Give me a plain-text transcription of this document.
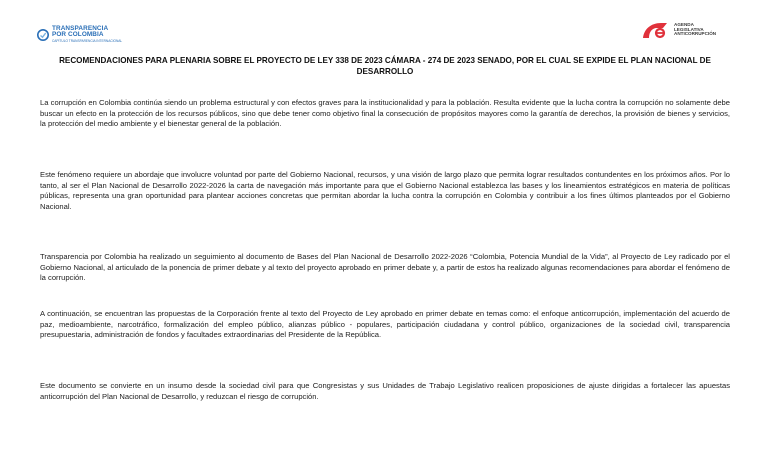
TRANSPARENCIA
POR COLOMBIA
CAPÍTULO TRANSPARENCIA INTERNACIONAL
AGENDA
LEGISLATIVA
ANTICORRUPCIÓN
RECOMENDACIONES PARA PLENARIA SOBRE EL PROYECTO DE LEY 338 DE 2023 CÁMARA - 274 DE 2023 SENADO, POR EL CUAL SE EXPIDE EL PLAN NACIONAL DE DESARROLLO

La corrupción en Colombia continúa siendo un problema estructural y con efectos graves para la institucionalidad y para la población. Resulta evidente que la lucha contra la corrupción no solamente debe buscar un efecto en la protección de los recursos públicos, sino que debe tener como objetivo final la consecución de propósitos mayores como la garantía de derechos, la provisión de bienes y servicios, la protección del medio ambiente y el bienestar general de la población.

Este fenómeno requiere un abordaje que involucre voluntad por parte del Gobierno Nacional, recursos, y una visión de largo plazo que permita lograr resultados contundentes en los próximos años. Por lo tanto, al ser el Plan Nacional de Desarrollo 2022-2026 la carta de navegación más importante para que el Gobierno Nacional establezca las bases y los lineamientos estratégicos en materia de políticas públicas, representa una gran oportunidad para plantear acciones concretas que permitan abordar la lucha contra la corrupción en Colombia y contribuir a los fines últimos planteados por el Gobierno Nacional.

Transparencia por Colombia ha realizado un seguimiento al documento de Bases del Plan Nacional de Desarrollo 2022-2026 “Colombia, Potencia Mundial de la Vida”, al Proyecto de Ley radicado por el Gobierno Nacional, al articulado de la ponencia de primer debate y al texto del proyecto aprobado en primer debate y, a partir de estos ha realizado algunas recomendaciones para abordar el fenómeno de la corrupción.

A continuación, se encuentran las propuestas de la Corporación frente al texto del Proyecto de Ley aprobado en primer debate en temas como: el enfoque anticorrupción, implementación del acuerdo de paz, medioambiente, narcotráfico, formalización del empleo público, alianzas público - populares, participación ciudadana y control público, organizaciones de la sociedad civil, transparencia presupuestaria, administración de fondos y facultades extraordinarias del Presidente de la República.

Este documento se convierte en un insumo desde la sociedad civil para que Congresistas y sus Unidades de Trabajo Legislativo realicen proposiciones de ajuste dirigidas a fortalecer las apuestas anticorrupción del Plan Nacional de Desarrollo, y reduzcan el riesgo de corrupción.
